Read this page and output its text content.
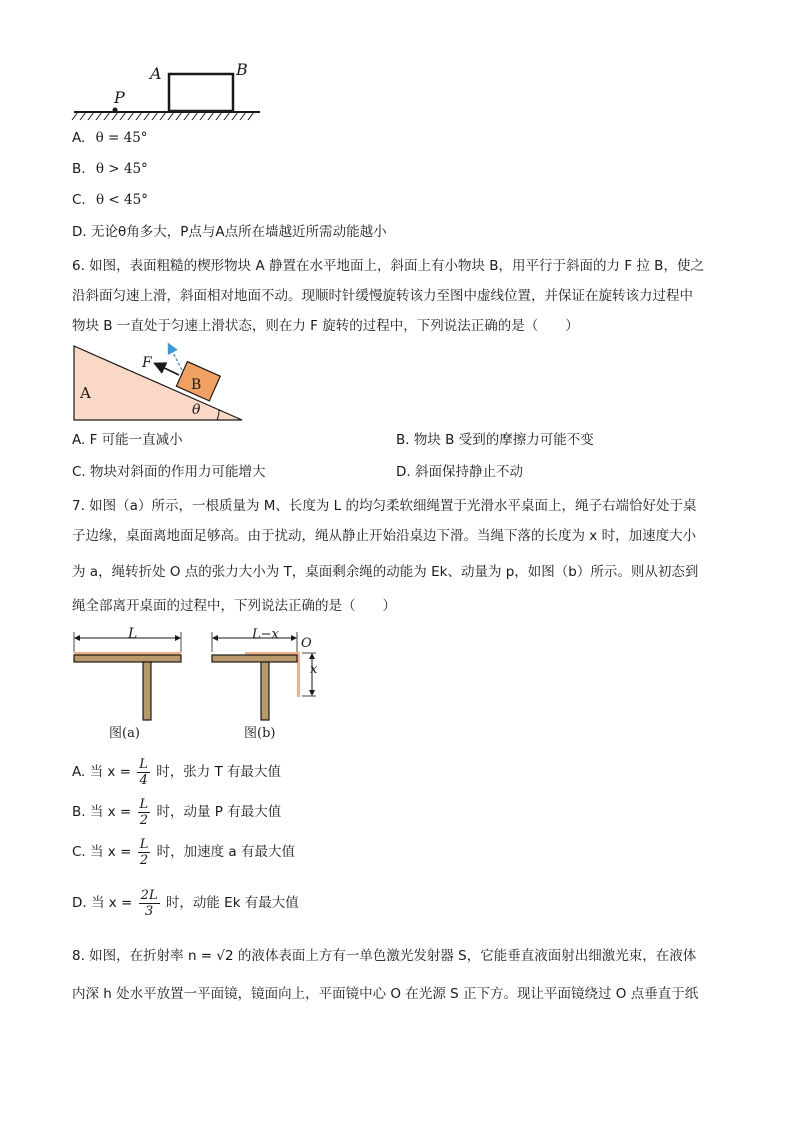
A	B
P
A. θ = 45°
B. θ > 45°
C. θ < 45°
D. 无论θ角多大，P点与A点所在墙越近所需动能越小
6. 如图，表面粗糙的楔形物块 A 静置在水平地面上，斜面上有小物块 B，用平行于斜面的力 F 拉 B，使之
沿斜面匀速上滑，斜面相对地面不动。现顺时针缓慢旋转该力至图中虚线位置，并保证在旋转该力过程中
物块 B 一直处于匀速上滑状态，则在力 F 旋转的过程中，下列说法正确的是（　　）
A	B
F
θ
A. F 可能一直减小	B. 物块 B 受到的摩擦力可能不变
C. 物块对斜面的作用力可能增大	D. 斜面保持静止不动
7. 如图（a）所示，一根质量为 M、长度为 L 的均匀柔软细绳置于光滑水平桌面上，绳子右端恰好处于桌
子边缘，桌面离地面足够高。由于扰动，绳从静止开始沿桌边下滑。当绳下落的长度为 x 时，加速度大小
为 a，绳转折处 O 点的张力大小为 T，桌面剩余绳的动能为 Ek、动量为 p，如图（b）所示。则从初态到
绳全部离开桌面的过程中，下列说法正确的是（　　）
L
图(a)
L−x
O
x
图(b)
A. 当 $x = \frac{L}{4}$ 时，张力 T 有最大值
B. 当 $x = \frac{L}{2}$ 时，动量 P 有最大值
C. 当 $x = \frac{L}{2}$ 时，加速度 a 有最大值
D. 当 $x = \frac{2L}{3}$ 时，动能 Ek 有最大值
8. 如图，在折射率 n = √2 的液体表面上方有一单色激光发射器 S，它能垂直液面射出细激光束，在液体
内深 h 处水平放置一平面镜，镜面向上，平面镜中心 O 在光源 S 正下方。现让平面镜绕过 O 点垂直于纸
